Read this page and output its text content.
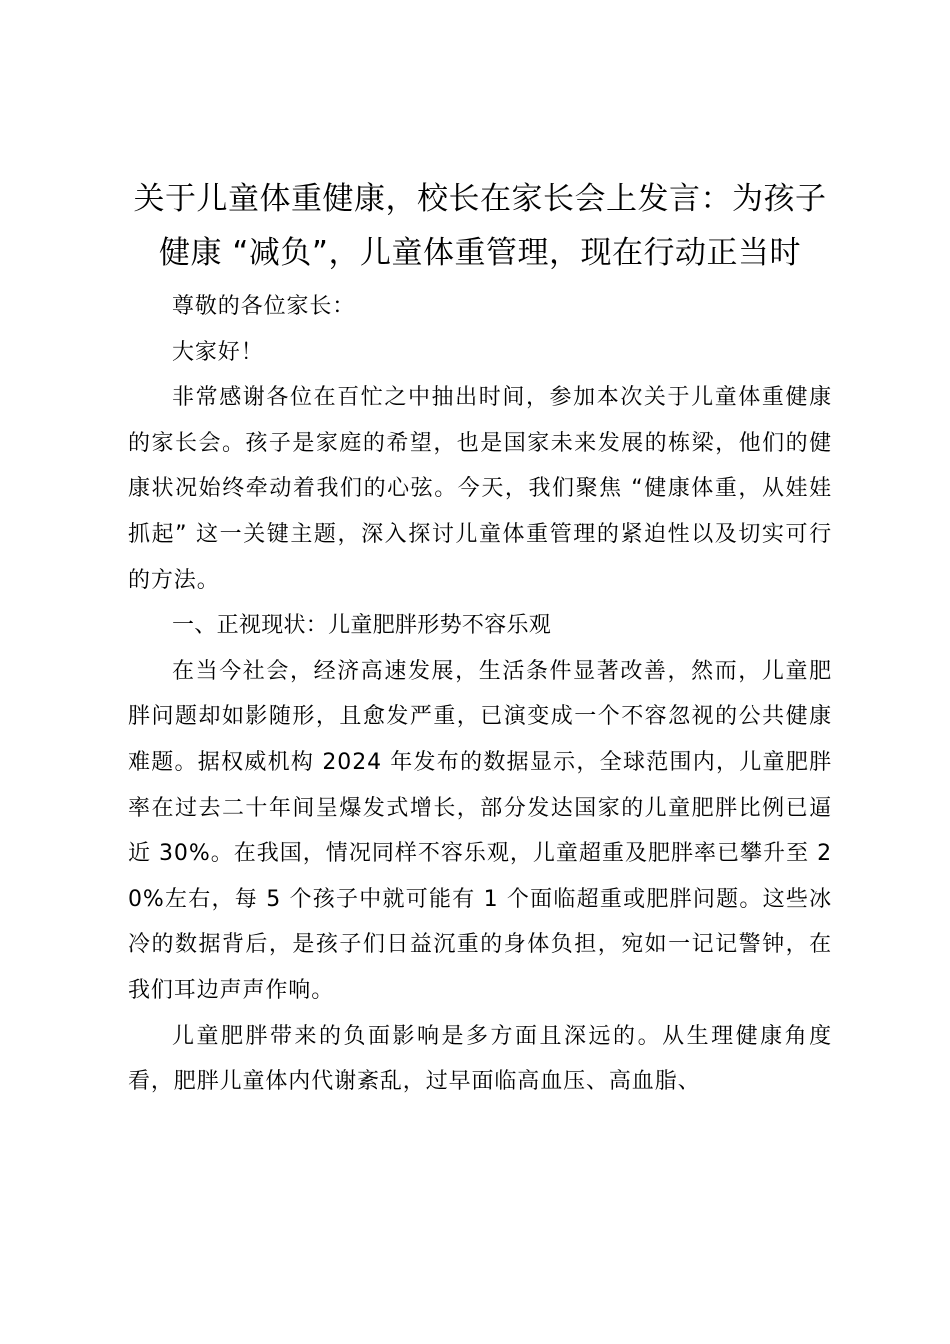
关于儿童体重健康，校长在家长会上发言：为孩子健康 “减负”，儿童体重管理，现在行动正当时

尊敬的各位家长：

大家好！

非常感谢各位在百忙之中抽出时间，参加本次关于儿童体重健康的家长会。孩子是家庭的希望，也是国家未来发展的栋梁，他们的健康状况始终牵动着我们的心弦。今天，我们聚焦 “健康体重，从娃娃抓起” 这一关键主题，深入探讨儿童体重管理的紧迫性以及切实可行的方法。

一、正视现状：儿童肥胖形势不容乐观

在当今社会，经济高速发展，生活条件显著改善，然而，儿童肥胖问题却如影随形，且愈发严重，已演变成一个不容忽视的公共健康难题。据权威机构 2024 年发布的数据显示，全球范围内，儿童肥胖率在过去二十年间呈爆发式增长，部分发达国家的儿童肥胖比例已逼近 30%。在我国，情况同样不容乐观，儿童超重及肥胖率已攀升至 20%左右，每 5 个孩子中就可能有 1 个面临超重或肥胖问题。这些冰冷的数据背后，是孩子们日益沉重的身体负担，宛如一记记警钟，在我们耳边声声作响。

儿童肥胖带来的负面影响是多方面且深远的。从生理健康角度看，肥胖儿童体内代谢紊乱，过早面临高血压、高血脂、
